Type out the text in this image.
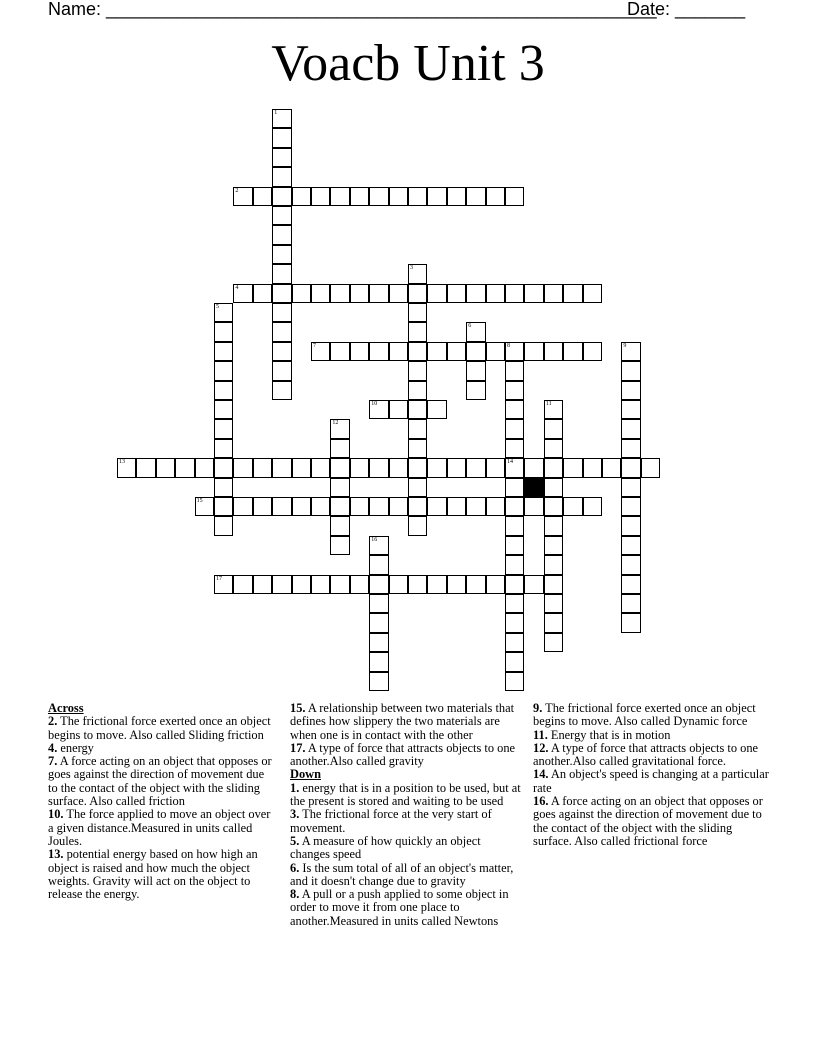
Name: _______________________________________________________
Date: _______
Voacb Unit 3
1
2
3
4
5
6
7	8
14
9
10	11
12
13
15
16
17
Across
2. The frictional force exerted once an object begins to move. Also called Sliding friction
4. energy
7. A force acting on an object that opposes or goes against the direction of movement due to the contact of the object with the sliding surface. Also called friction
10. The force applied to move an object over a given distance.Measured in units called Joules.
13. potential energy based on how high an object is raised and how much the object weights. Gravity will act on the object to release the energy.
15. A relationship between two materials that defines how slippery the two materials are when one is in contact with the other
17. A type of force that attracts objects to one another.Also called gravity
Down
1. energy that is in a position to be used, but at the present is stored and waiting to be used
3. The frictional force at the very start of movement.
5. A measure of how quickly an object changes speed
6. Is the sum total of all of an object's matter, and it doesn't change due to gravity
8. A pull or a push applied to some object in order to move it from one place to another.Measured in units called Newtons
9. The frictional force exerted once an object begins to move. Also called Dynamic force
11. Energy that is in motion
12. A type of force that attracts objects to one another.Also called gravitational force.
14. An object's speed is changing at a particular rate
16. A force acting on an object that opposes or goes against the direction of movement due to the contact of the object with the sliding surface. Also called frictional force
